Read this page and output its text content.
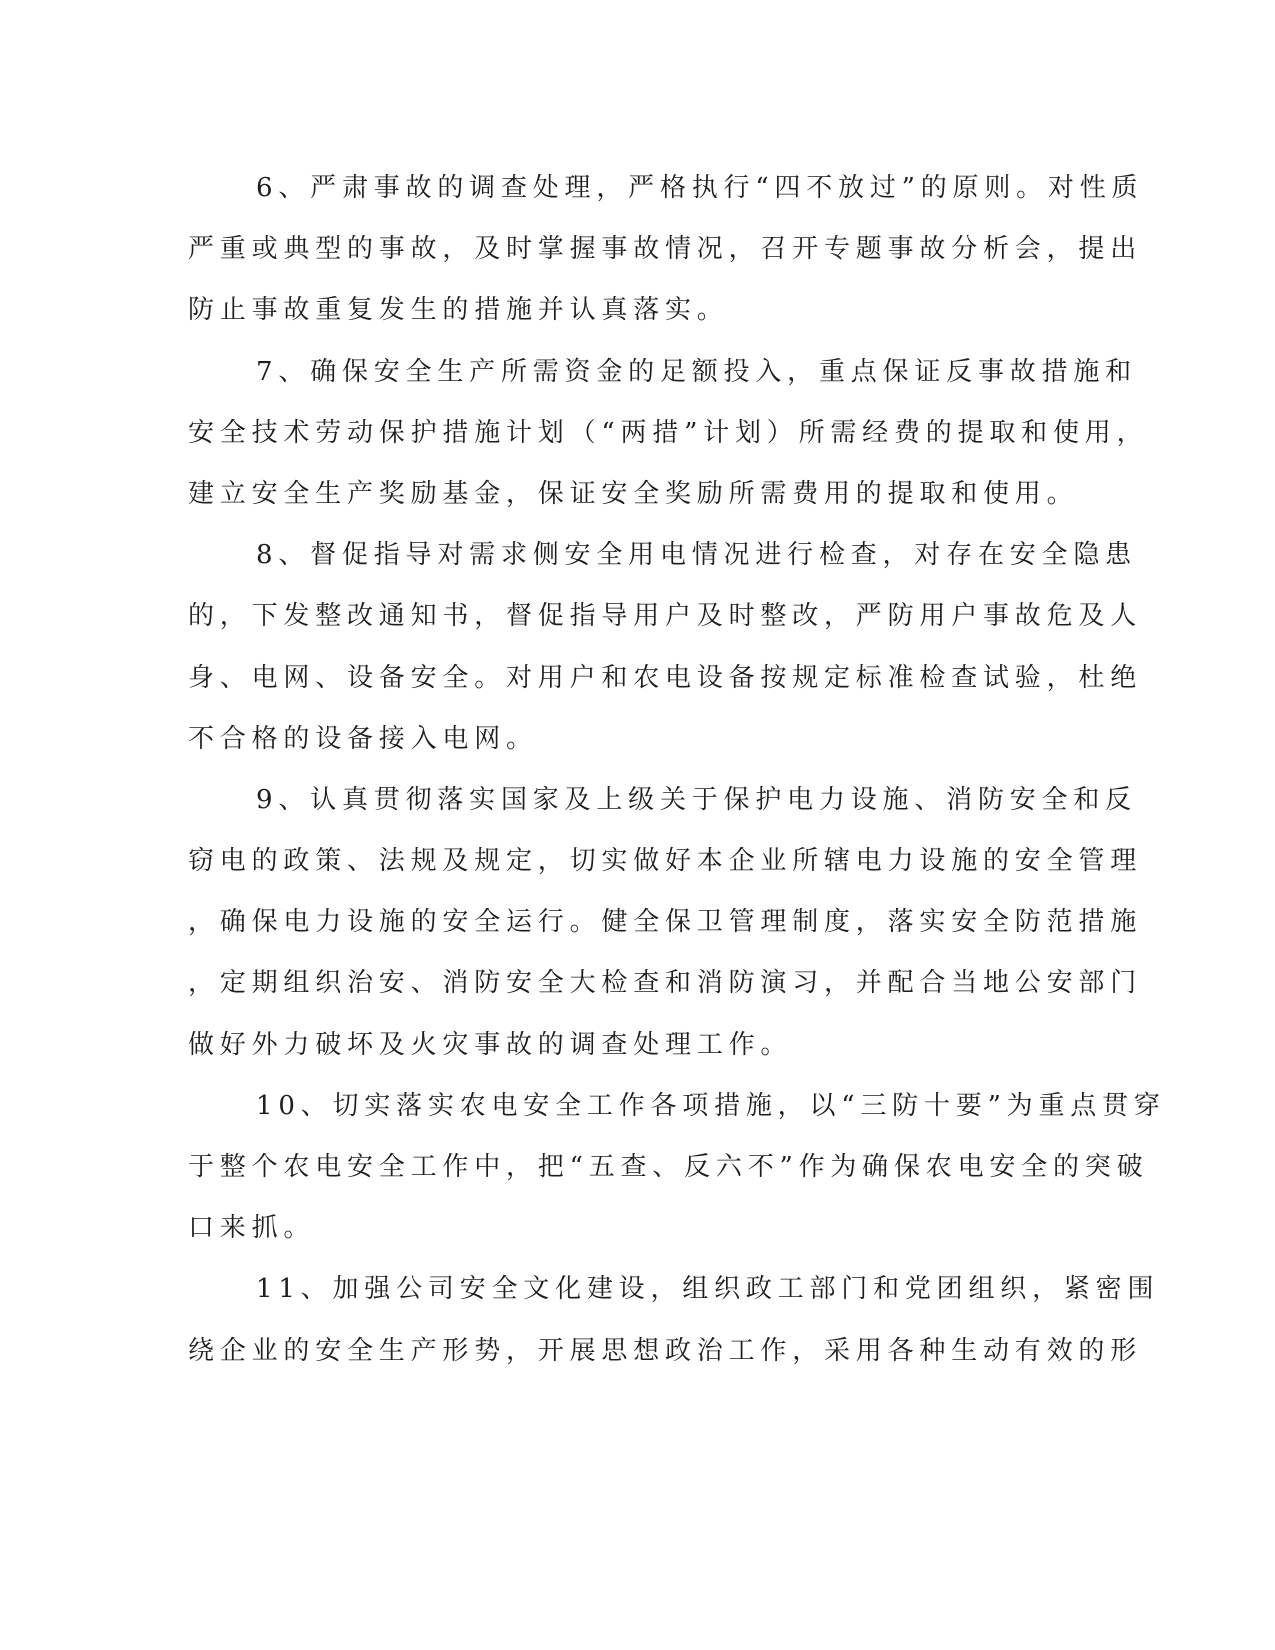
6、严肃事故的调查处理，严格执行“四不放过”的原则。对性质
严重或典型的事故，及时掌握事故情况，召开专题事故分析会，提出
防止事故重复发生的措施并认真落实。
7、确保安全生产所需资金的足额投入，重点保证反事故措施和
安全技术劳动保护措施计划（“两措”计划）所需经费的提取和使用，
建立安全生产奖励基金，保证安全奖励所需费用的提取和使用。
8、督促指导对需求侧安全用电情况进行检查，对存在安全隐患
的，下发整改通知书，督促指导用户及时整改，严防用户事故危及人
身、电网、设备安全。对用户和农电设备按规定标准检查试验，杜绝
不合格的设备接入电网。
9、认真贯彻落实国家及上级关于保护电力设施、消防安全和反
窃电的政策、法规及规定，切实做好本企业所辖电力设施的安全管理
，确保电力设施的安全运行。健全保卫管理制度，落实安全防范措施
，定期组织治安、消防安全大检查和消防演习，并配合当地公安部门
做好外力破坏及火灾事故的调查处理工作。
10、切实落实农电安全工作各项措施，以“三防十要”为重点贯穿
于整个农电安全工作中，把“五查、反六不”作为确保农电安全的突破
口来抓。
11、加强公司安全文化建设，组织政工部门和党团组织，紧密围
绕企业的安全生产形势，开展思想政治工作，采用各种生动有效的形
